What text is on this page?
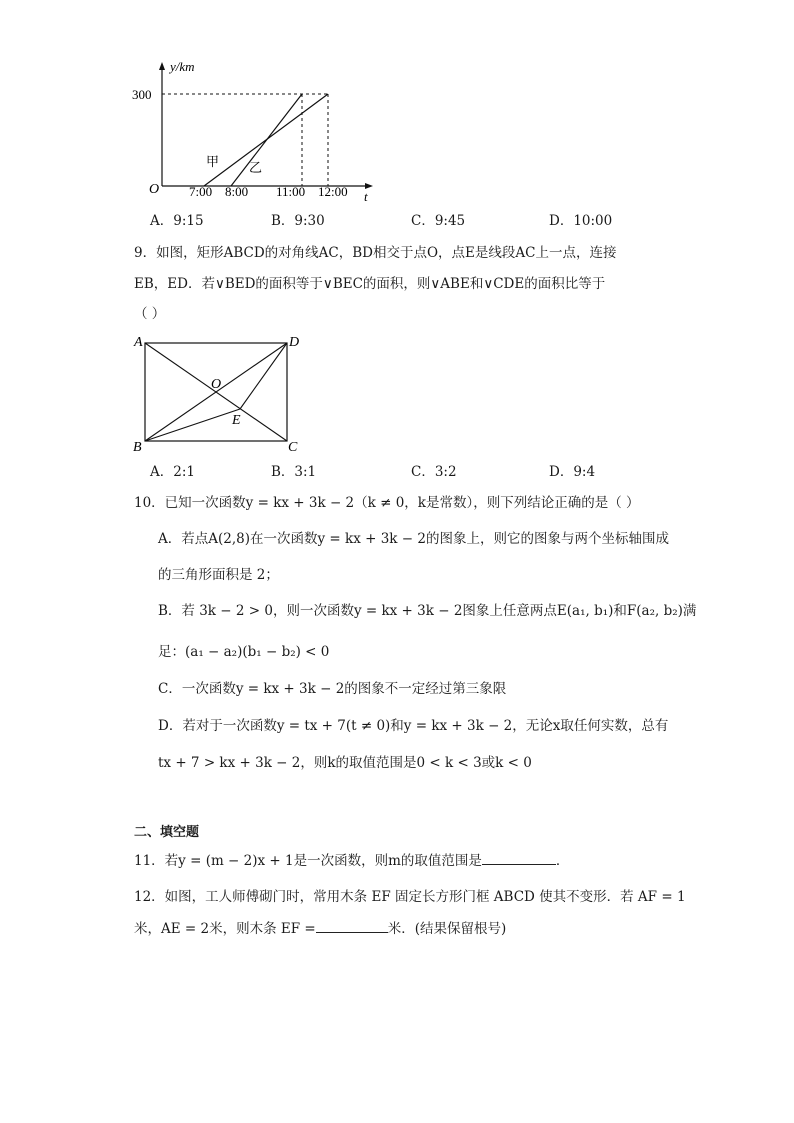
y/km
300
O	t
7:00 8:00 11:00 12:00
甲 乙
A．9:15	B．9:30	C．9:45	D．10:00
9．如图，矩形ABCD的对角线AC，BD相交于点O，点E是线段AC上一点，连接
EB，ED．若∨BED的面积等于∨BEC的面积，则∨ABE和∨CDE的面积比等于
（ ）
A	D
B	C
O
E
A．2:1	B．3:1	C．3:2	D．9:4
10．已知一次函数y = kx + 3k − 2（k ≠ 0，k是常数），则下列结论正确的是（ ）
A．若点A(2,8)在一次函数y = kx + 3k − 2的图象上，则它的图象与两个坐标轴围成
的三角形面积是 2；
B．若 3k − 2 > 0，则一次函数y = kx + 3k − 2图象上任意两点E(a₁, b₁)和F(a₂, b₂)满
足：(a₁ − a₂)(b₁ − b₂) < 0
C．一次函数y = kx + 3k − 2的图象不一定经过第三象限
D．若对于一次函数y = tx + 7(t ≠ 0)和y = kx + 3k − 2，无论x取任何实数，总有
tx + 7 > kx + 3k − 2，则k的取值范围是0 < k < 3或k < 0
二、填空题
11．若y = (m − 2)x + 1是一次函数，则m的取值范围是	．
12．如图，工人师傅砌门时，常用木条 EF 固定长方形门框 ABCD 使其不变形．若 AF = 1
米，AE = 2米，则木条 EF =	米．(结果保留根号)
